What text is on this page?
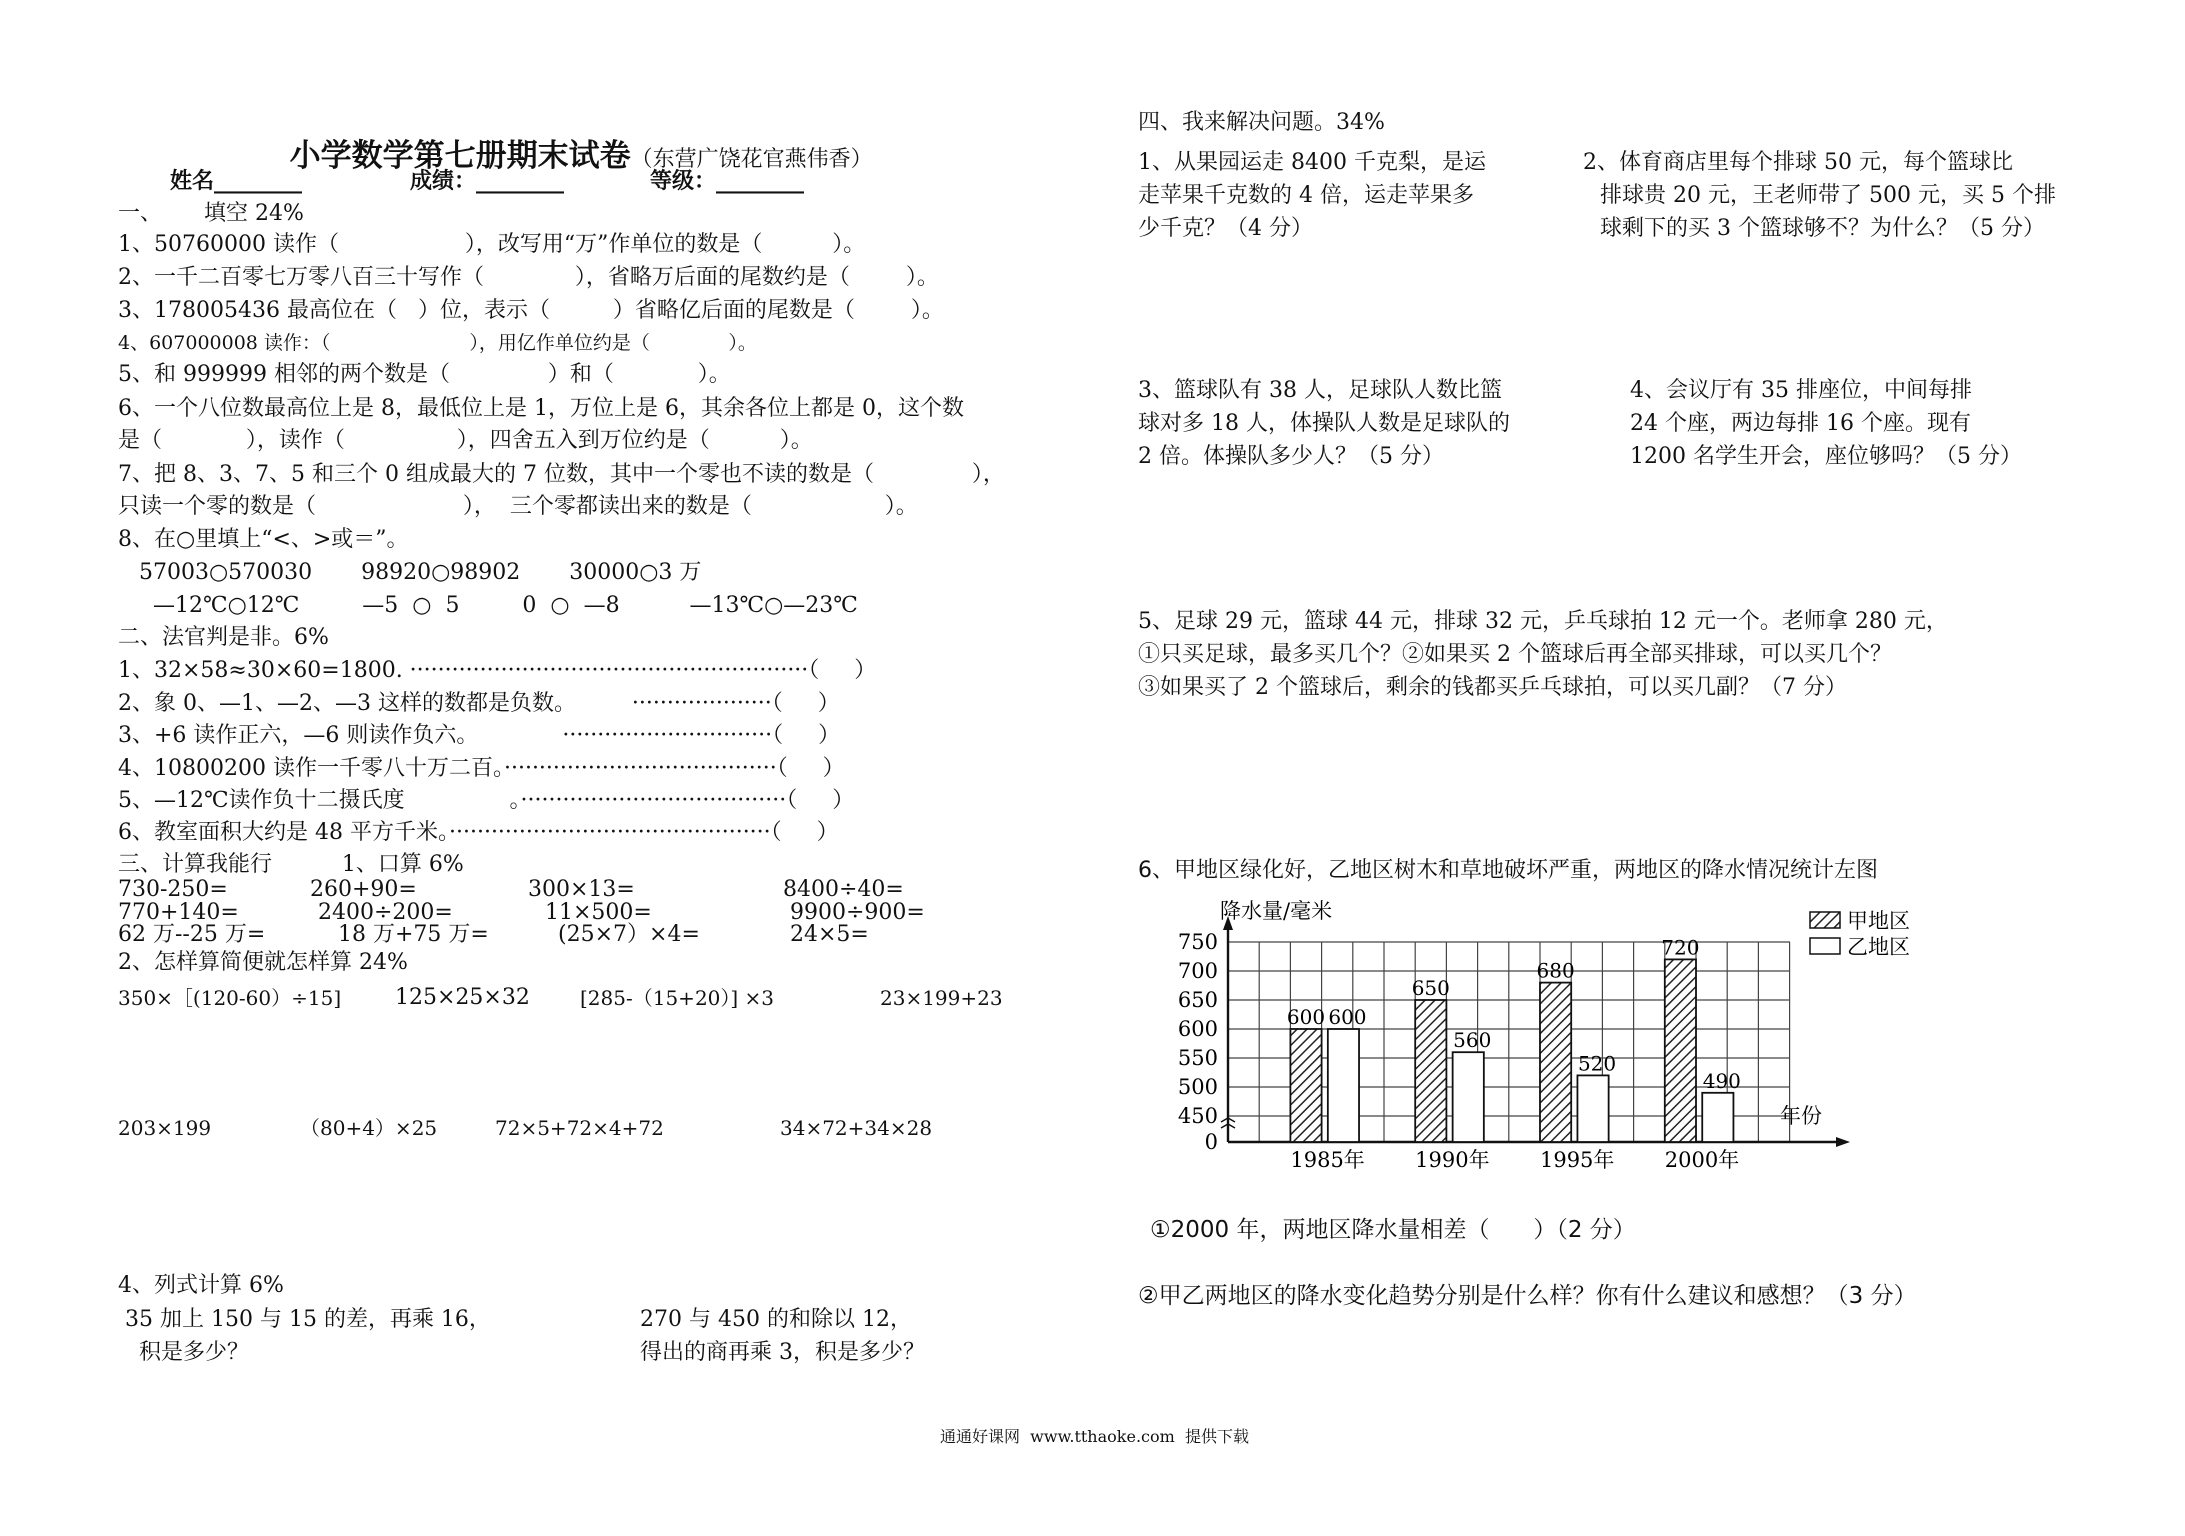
小学数学第七册期末试卷（东营广饶花官燕伟香）

姓名________	成绩：________	等级：________
一、      填空 24%
1、50760000 读作（                  ），改写用“万”作单位的数是（          ）。
2、一千二百零七万零八百三十写作（             ），省略万后面的尾数约是（        ）。
3、178005436 最高位在（   ）位，表示（         ）省略亿后面的尾数是（        ）。
4、607000008 读作：（                       ），用亿作单位约是（             ）。
5、和 999999 相邻的两个数是（              ）和（            ）。
6、一个八位数最高位上是 8，最低位上是 1，万位上是 6，其余各位上都是 0，这个数
是（            ），读作（                ），四舍五入到万位约是（          ）。
7、把 8、3、7、5 和三个 0 组成最大的 7 位数，其中一个零也不读的数是（              ），
只读一个零的数是（                     ），  三个零都读出来的数是（                   ）。
8、在○里填上“<、>或＝”。
57003○570030       98920○98902       30000○3 万
—12℃○12℃         —5  ○  5         0  ○  —8          —13℃○—23℃
二、法官判是非。6%
1、32×58≈30×60=1800. ·························································（     ）
2、象 0、—1、—2、—3 这样的数都是负数。        ····················（     ）
3、+6 读作正六，—6 则读作负六。            ······························（     ）
4、10800200 读作一千零八十万二百。·······································（     ）
5、—12℃读作负十二摄氏度               。······································（     ）
6、教室面积大约是 48 平方千米。··············································（     ）
三、计算我能行          1、口算 6%
730-250=	260+90=	300×13=	8400÷40=
770+140=	2400÷200=	11×500=	9900÷900=
62 万--25 万=	18 万+75 万=	(25×7）×4=	24×5=
2、怎样算简便就怎样算 24%
350×［(120-60）÷15] 125×25×32	[285-（15+20）] ×3	23×199+23
203×199	（80+4）×25	72×5+72×4+72	34×72+34×28
4、列式计算 6%
35 加上 150 与 15 的差，再乘 16，
积是多少？
270 与 450 的和除以 12，
得出的商再乘 3，积是多少？
四、我来解决问题。34%
1、从果园运走 8400 千克梨，是运
走苹果千克数的 4 倍，运走苹果多
少千克？（4 分）
2、体育商店里每个排球 50 元，每个篮球比
排球贵 20 元，王老师带了 500 元，买 5 个排
球剩下的买 3 个篮球够不？为什么？（5 分）
3、篮球队有 38 人，足球队人数比篮
球对多 18 人，体操队人数是足球队的
2 倍。体操队多少人？（5 分）
4、会议厅有 35 排座位，中间每排
24 个座，两边每排 16 个座。现有
1200 名学生开会，座位够吗？（5 分）
5、足球 29 元，篮球 44 元，排球 32 元，乒乓球拍 12 元一个。老师拿 280 元，
①只买足球，最多买几个？②如果买 2 个篮球后再全部买排球，可以买几个？
③如果买了 2 个篮球后，剩余的钱都买乒乓球拍，可以买几副？（7 分）
6、甲地区绿化好，乙地区树木和草地破坏严重，两地区的降水情况统计左图
0
450
500
550
600
650
700
750
降水量/毫米
年份
600 600
1985年
650
560
1990年
680
520
1995年
720
490
2000年
甲地区
乙地区
①2000 年，两地区降水量相差（      ）（2 分）
②甲乙两地区的降水变化趋势分别是什么样？你有什么建议和感想？（3 分）
通通好课网  www.tthaoke.com  提供下载
